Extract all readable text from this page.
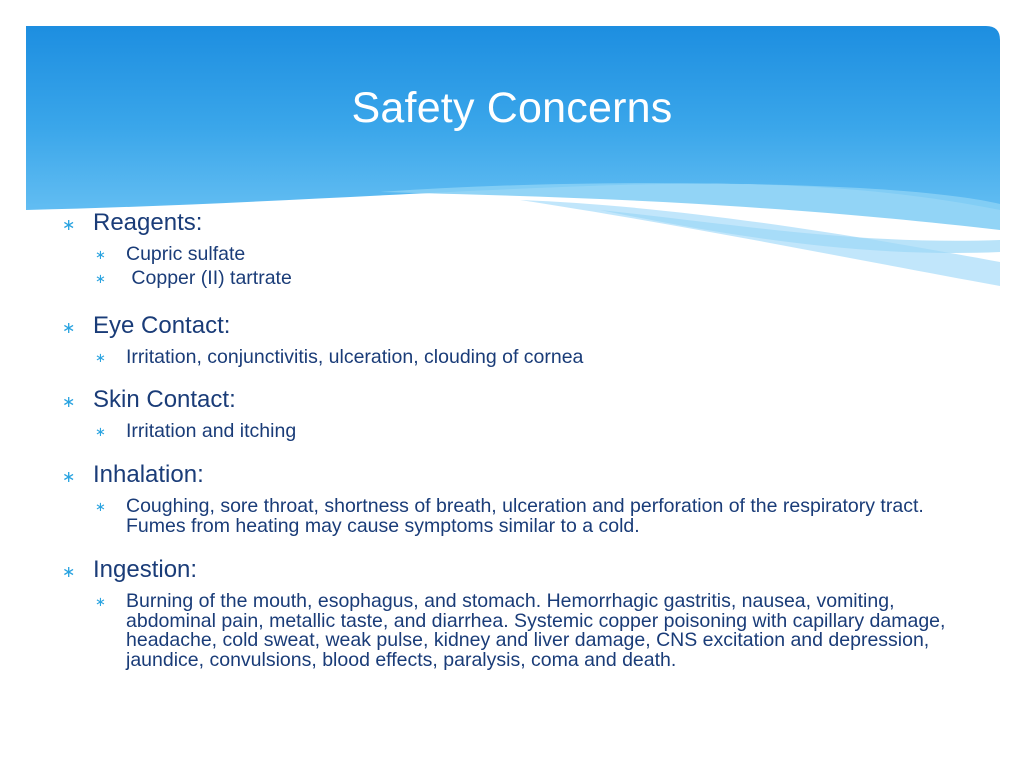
Safety Concerns
∗ Reagents:
∗	Cupric sulfate
∗	Copper (II) tartrate
∗ Eye Contact:
∗	Irritation, conjunctivitis, ulceration, clouding of cornea
∗ Skin Contact:
∗	Irritation and itching
∗ Inhalation:
∗	Coughing, sore throat, shortness of breath, ulceration and perforation of the respiratory tract. Fumes from heating may cause symptoms similar to a cold.
∗ Ingestion:
∗	Burning of the mouth, esophagus, and stomach. Hemorrhagic gastritis, nausea, vomiting, abdominal pain, metallic taste, and diarrhea. Systemic copper poisoning with capillary damage, headache, cold sweat, weak pulse, kidney and liver damage, CNS excitation and depression, jaundice, convulsions, blood effects, paralysis, coma and death.
